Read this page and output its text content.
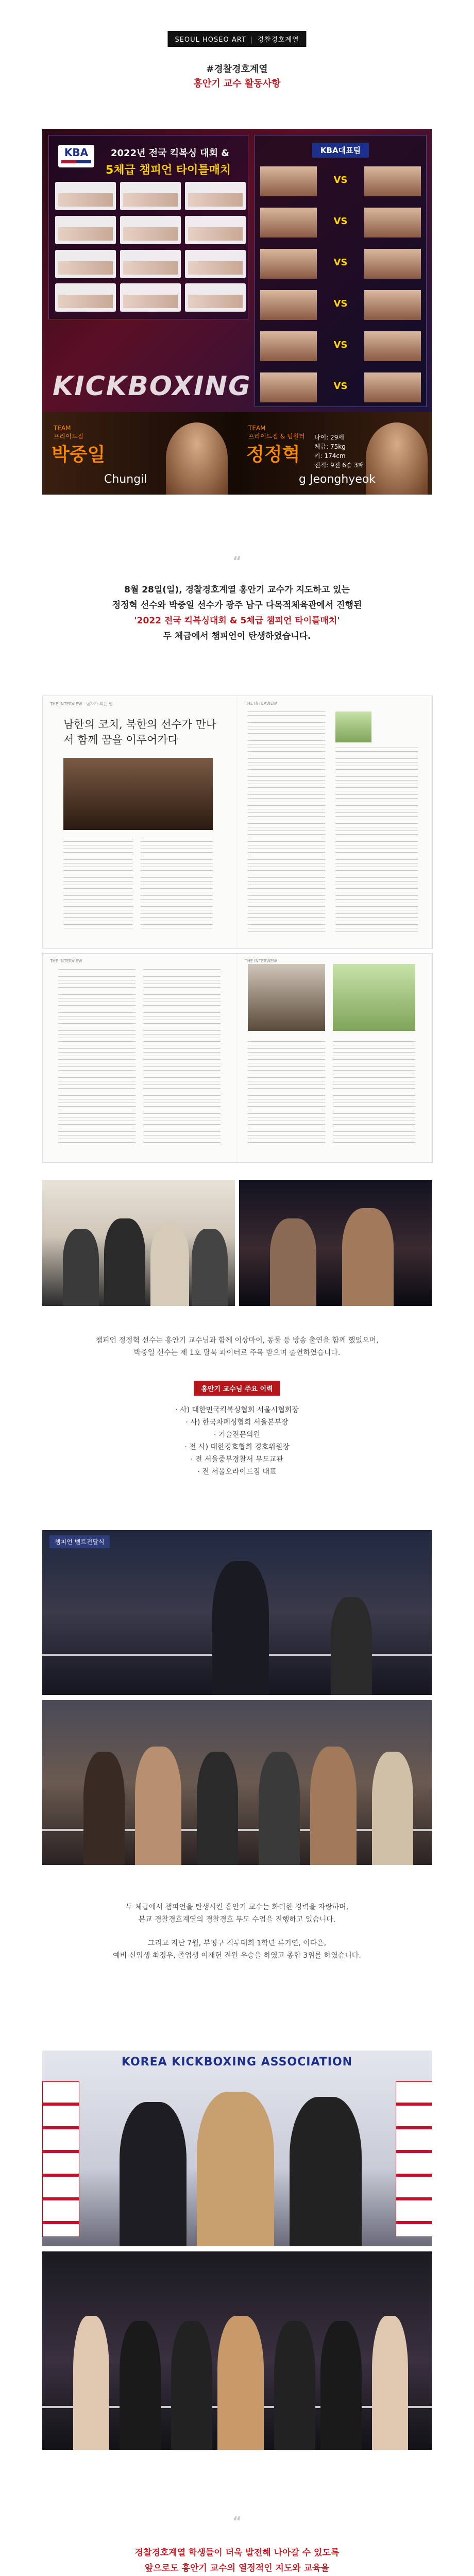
SEOUL HOSEO ART | 경찰경호계열
#경찰경호계열
홍안기 교수 활동사항
KBA	2022년 전국 킥복싱 대회 &
5체급 챔피언 타이틀매치
KBA대표팀
VS
VS
VS
VS
VS
VS
KICKBOXING
TEAM
프라이드짐
박중일
Chungil
TEAM
프라이드짐 & 팀원터
정정혁
나이: 29세
체급: 75kg
키: 174cm
전적: 9전 6승 3패
g Jeonghyeok
“
8월 28일(일), 경찰경호계열 홍안기 교수가 지도하고 있는
정정혁 선수와 박중일 선수가 광주 남구 다목적체육관에서 진행된
'2022 전국 킥복싱대회 & 5체급 챔피언 타이틀매치'
두 체급에서 챔피언이 탄생하였습니다.
THE INTERVIEW · 남자가 되는 법
남한의 코치, 북한의 선수가 만나서 함께 꿈을 이루어가다
THE INTERVIEW
THE INTERVIEW	THE INTERVIEW
챔피언 정정혁 선수는 홍안기 교수님과 함께 이상마이, 동물 등 방송 출연을 함께 했었으며,
박중일 선수는 제 1호 탈북 파이터로 주목 받으며 출연하였습니다.
홍안기 교수님 주요 이력
· 사) 대한민국킥복싱협회 서울시협회장
· 사) 한국차폐싱협회 서울본부장
· 기술전문의원
· 전 사) 대한경호협회 경호위원장
· 전 서울중부경찰서 무도교관
· 전 서울오라이드짐 대표
챔피언 벨트전달식
두 체급에서 챔피언을 탄생시킨 홍안기 교수는 화려한 경력을 자랑하며,
본교 경찰경호계열의 경찰경호 무도 수업을 진행하고 있습니다.
그리고 지난 7월, 부평구 격투대회 1학년 류기연, 이다은,
예비 신입생 최정우, 졸업생 이재헌 전원 우승을 하였고 종합 3위를 하였습니다.
KOREA KICKBOXING ASSOCIATION
“
경찰경호계열 학생들이 더욱 발전해 나아갈 수 있도록
앞으로도 홍안기 교수의 열정적인 지도와 교육을
